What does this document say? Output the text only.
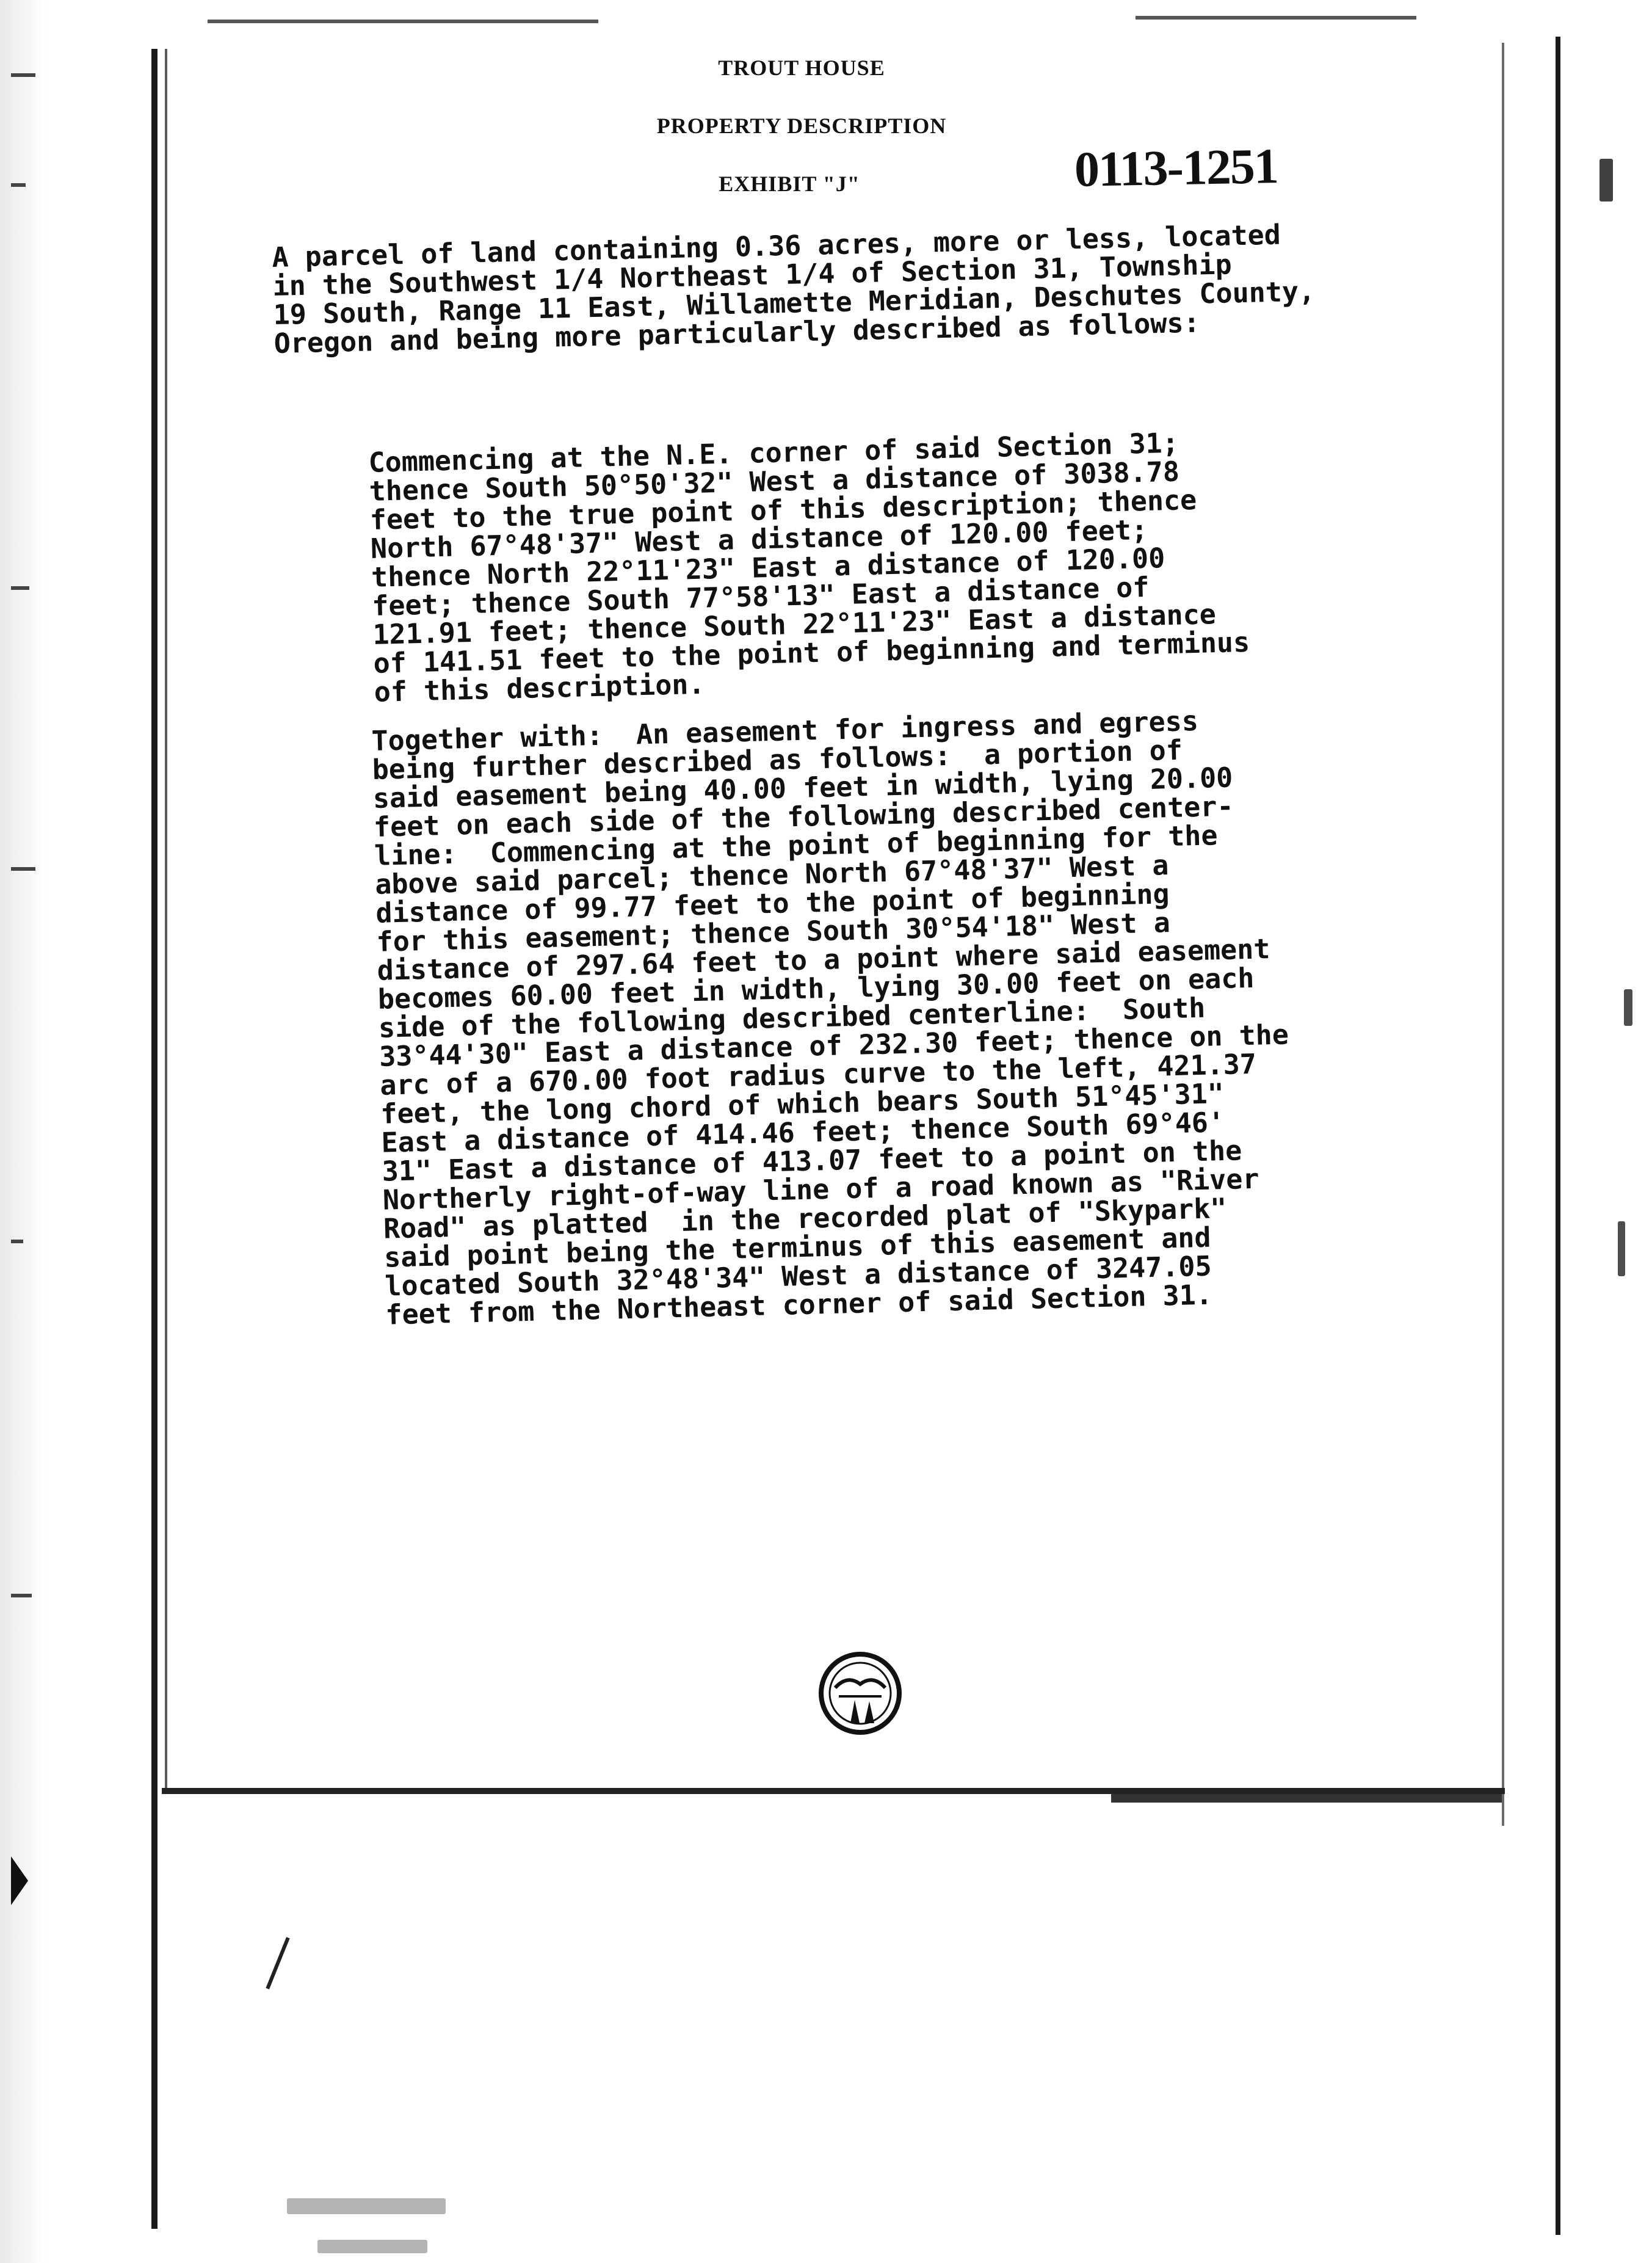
TROUT HOUSE
PROPERTY DESCRIPTION
EXHIBIT "J"	0113-1251
A parcel of land containing 0.36 acres, more or less, located
in the Southwest 1/4 Northeast 1/4 of Section 31, Township
19 South, Range 11 East, Willamette Meridian, Deschutes County,
Oregon and being more particularly described as follows:
Commencing at the N.E. corner of said Section 31;
thence South 50°50'32" West a distance of 3038.78
feet to the true point of this description; thence
North 67°48'37" West a distance of 120.00 feet;
thence North 22°11'23" East a distance of 120.00
feet; thence South 77°58'13" East a distance of
121.91 feet; thence South 22°11'23" East a distance
of 141.51 feet to the point of beginning and terminus
of this description.
Together with:  An easement for ingress and egress
being further described as follows:  a portion of
said easement being 40.00 feet in width, lying 20.00
feet on each side of the following described center-
line:  Commencing at the point of beginning for the
above said parcel; thence North 67°48'37" West a
distance of 99.77 feet to the point of beginning
for this easement; thence South 30°54'18" West a
distance of 297.64 feet to a point where said easement
becomes 60.00 feet in width, lying 30.00 feet on each
side of the following described centerline:  South
33°44'30" East a distance of 232.30 feet; thence on the
arc of a 670.00 foot radius curve to the left, 421.37
feet, the long chord of which bears South 51°45'31"
East a distance of 414.46 feet; thence South 69°46'
31" East a distance of 413.07 feet to a point on the
Northerly right-of-way line of a road known as "River
Road" as platted  in the recorded plat of "Skypark"
said point being the terminus of this easement and
located South 32°48'34" West a distance of 3247.05
feet from the Northeast corner of said Section 31.
